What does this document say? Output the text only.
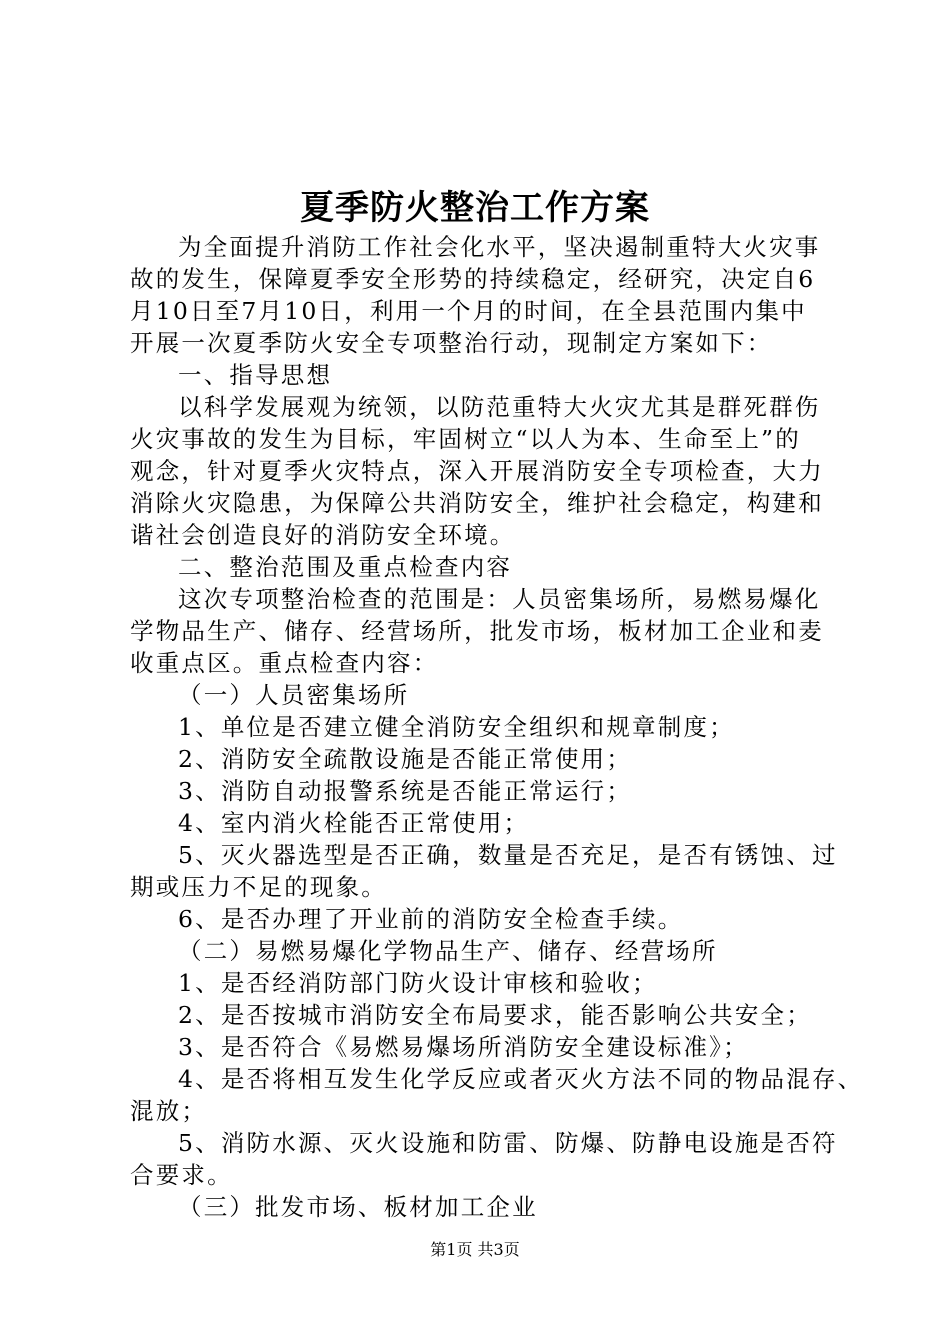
夏季防火整治工作方案
为全面提升消防工作社会化水平，坚决遏制重特大火灾事
故的发生，保障夏季安全形势的持续稳定，经研究，决定自6
月10日至7月10日，利用一个月的时间，在全县范围内集中
开展一次夏季防火安全专项整治行动，现制定方案如下：
一、指导思想
以科学发展观为统领，以防范重特大火灾尤其是群死群伤
火灾事故的发生为目标，牢固树立“以人为本、生命至上”的
观念，针对夏季火灾特点，深入开展消防安全专项检查，大力
消除火灾隐患，为保障公共消防安全，维护社会稳定，构建和
谐社会创造良好的消防安全环境。
二、整治范围及重点检查内容
这次专项整治检查的范围是：人员密集场所，易燃易爆化
学物品生产、储存、经营场所，批发市场，板材加工企业和麦
收重点区。重点检查内容：
（一）人员密集场所
1、单位是否建立健全消防安全组织和规章制度；
2、消防安全疏散设施是否能正常使用；
3、消防自动报警系统是否能正常运行；
4、室内消火栓能否正常使用；
5、灭火器选型是否正确，数量是否充足，是否有锈蚀、过
期或压力不足的现象。
6、是否办理了开业前的消防安全检查手续。
（二）易燃易爆化学物品生产、储存、经营场所
1、是否经消防部门防火设计审核和验收；
2、是否按城市消防安全布局要求，能否影响公共安全；
3、是否符合《易燃易爆场所消防安全建设标准》；
4、是否将相互发生化学反应或者灭火方法不同的物品混存、
混放；
5、消防水源、灭火设施和防雷、防爆、防静电设施是否符
合要求。
（三）批发市场、板材加工企业
第1页 共3页
